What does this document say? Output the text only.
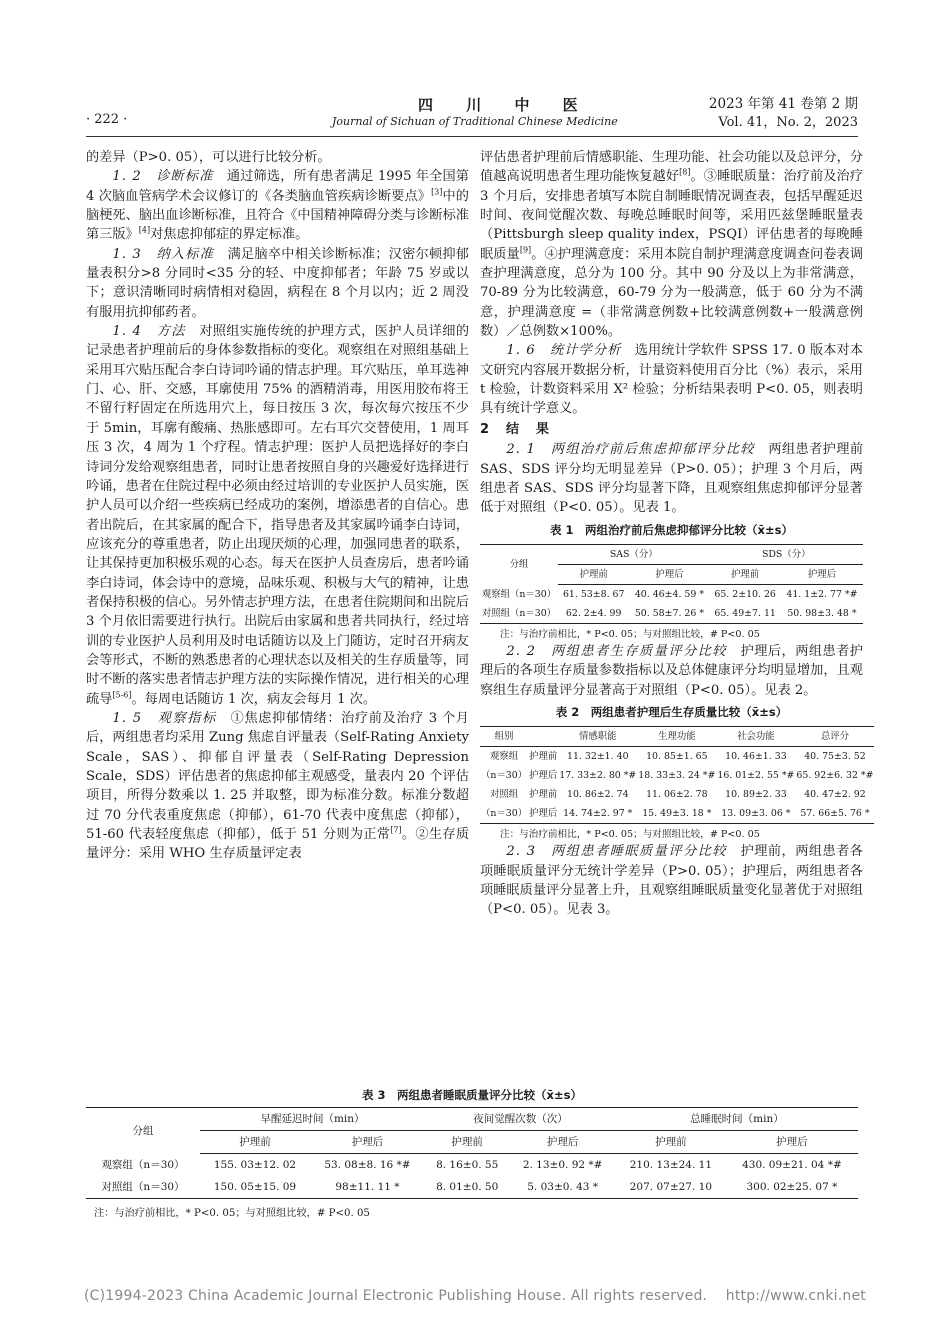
· 222 ·
四 川 中 医
Journal of Sichuan of Traditional Chinese Medicine
2023 年第 41 卷第 2 期
Vol. 41，No. 2，2023

的差异（P>0. 05），可以进行比较分析。

1. 2　诊断标准　通过筛选，所有患者满足 1995 年全国第 4 次脑血管病学术会议修订的《各类脑血管疾病诊断要点》[3]中的脑梗死、脑出血诊断标准，且符合《中国精神障碍分类与诊断标准第三版》[4]对焦虑抑郁症的界定标准。

1. 3　纳入标准　满足脑卒中相关诊断标准；汉密尔顿抑郁量表积分>8 分同时<35 分的轻、中度抑郁者；年龄 75 岁或以下；意识清晰同时病情相对稳固，病程在 8 个月以内；近 2 周没有服用抗抑郁药者。

1. 4　方法　对照组实施传统的护理方式，医护人员详细的记录患者护理前后的身体参数指标的变化。观察组在对照组基础上采用耳穴贴压配合李白诗词吟诵的情志护理。耳穴贴压，单耳选神门、心、肝、交感，耳廓使用 75% 的酒精消毒，用医用胶布将王不留行籽固定在所选用穴上，每日按压 3 次，每次每穴按压不少于 5min，耳廓有酸痛、热胀感即可。左右耳穴交替使用，1 周耳压 3 次，4 周为 1 个疗程。情志护理：医护人员把选择好的李白诗词分发给观察组患者，同时让患者按照自身的兴趣爱好选择进行吟诵，患者在住院过程中必须由经过培训的专业医护人员实施，医护人员可以介绍一些疾病已经成功的案例，增添患者的自信心。患者出院后，在其家属的配合下，指导患者及其家属吟诵李白诗词，应该充分的尊重患者，防止出现厌烦的心理，加强同患者的联系，让其保持更加积极乐观的心态。每天在医护人员查房后，患者吟诵李白诗词，体会诗中的意境，品味乐观、积极与大气的精神，让患者保持积极的信心。另外情志护理方法，在患者住院期间和出院后 3 个月依旧需要进行执行。出院后由家属和患者共同执行，经过培训的专业医护人员利用及时电话随访以及上门随访，定时召开病友会等形式，不断的熟悉患者的心理状态以及相关的生存质量等，同时不断的落实患者情志护理方法的实际操作情况，进行相关的心理疏导[5-6]。每周电话随访 1 次，病友会每月 1 次。

1. 5　观察指标　①焦虑抑郁情绪：治疗前及治疗 3 个月后，两组患者均采用 Zung 焦虑自评量表（Self-Rating Anxiety Scale，SAS）、抑郁自评量表（Self-Rating Depression Scale，SDS）评估患者的焦虑抑郁主观感受，量表内 20 个评估项目，所得分数乘以 1. 25 并取整，即为标准分数。标准分数超过 70 分代表重度焦虑（抑郁），61-70 代表中度焦虑（抑郁），51-60 代表轻度焦虑（抑郁），低于 51 分则为正常[7]。②生存质量评分：采用 WHO 生存质量评定表

评估患者护理前后情感职能、生理功能、社会功能以及总评分，分值越高说明患者生理功能恢复越好[8]。③睡眠质量：治疗前及治疗 3 个月后，安排患者填写本院自制睡眠情况调查表，包括早醒延迟时间、夜间觉醒次数、每晚总睡眠时间等，采用匹兹堡睡眠量表（Pittsburgh sleep quality index，PSQI）评估患者的每晚睡眠质量[9]。④护理满意度：采用本院自制护理满意度调查问卷表调查护理满意度，总分为 100 分。其中 90 分及以上为非常满意，70-89 分为比较满意，60-79 分为一般满意，低于 60 分为不满意，护理满意度 =（非常满意例数+比较满意例数+一般满意例数）／总例数×100%。

1. 6　统计学分析　选用统计学软件 SPSS 17. 0 版本对本文研究内容展开数据分析，计量资料使用百分比（%）表示，采用 t 检验，计数资料采用 X² 检验；分析结果表明 P<0. 05，则表明具有统计学意义。

2　结　果

2. 1　两组治疗前后焦虑抑郁评分比较　两组患者护理前 SAS、SDS 评分均无明显差异（P>0. 05）；护理 3 个月后，两组患者 SAS、SDS 评分均显著下降，且观察组焦虑抑郁评分显著低于对照组（P<0. 05）。见表 1。

表 1　两组治疗前后焦虑抑郁评分比较（x̄±s）
分组	SAS（分）		SDS（分）	
	护理前	护理后	护理前	护理后
观察组（n＝30）	61. 53±8. 67	40. 46±4. 59 *	65. 2±10. 26	41. 1±2. 77 *#
对照组（n＝30）	62. 2±4. 99	50. 58±7. 26 *	65. 49±7. 11	50. 98±3. 48 *
注：与治疗前相比，* P<0. 05；与对照组比较，# P<0. 05

2. 2　两组患者生存质量评分比较　护理后，两组患者护理后的各项生存质量参数指标以及总体健康评分均明显增加，且观察组生存质量评分显著高于对照组（P<0. 05）。见表 2。

表 2　两组患者护理后生存质量比较（x̄±s）
组别		情感职能	生理功能	社会功能	总评分
观察组	护理前	11. 32±1. 40	10. 85±1. 65	10. 46±1. 33	40. 75±3. 52
（n＝30）	护理后	17. 33±2. 80 *#	18. 33±3. 24 *#	16. 01±2. 55 *#	65. 92±6. 32 *#
对照组	护理前	10. 86±2. 74	11. 06±2. 78	10. 89±2. 33	40. 47±2. 92
（n＝30）	护理后	14. 74±2. 97 *	15. 49±3. 18 *	13. 09±3. 06 *	57. 66±5. 76 *
注：与治疗前相比，* P<0. 05；与对照组比较，# P<0. 05

2. 3　两组患者睡眠质量评分比较　护理前，两组患者各项睡眠质量评分无统计学差异（P>0. 05）；护理后，两组患者各项睡眠质量评分显著上升，且观察组睡眠质量变化显著优于对照组（P<0. 05）。见表 3。

表 3　两组患者睡眠质量评分比较（x̄±s）
分组	早醒延迟时间（min）		夜间觉醒次数（次）		总睡眠时间（min）	
	护理前	护理后	护理前	护理后	护理前	护理后
观察组（n＝30）	155. 03±12. 02	53. 08±8. 16 *#	8. 16±0. 55	2. 13±0. 92 *#	210. 13±24. 11	430. 09±21. 04 *#
对照组（n＝30）	150. 05±15. 09	98±11. 11 *	8. 01±0. 50	5. 03±0. 43 *	207. 07±27. 10	300. 02±25. 07 *
注：与治疗前相比，* P<0. 05；与对照组比较，# P<0. 05
(C)1994-2023 China Academic Journal Electronic Publishing House. All rights reserved.    http://www.cnki.net
